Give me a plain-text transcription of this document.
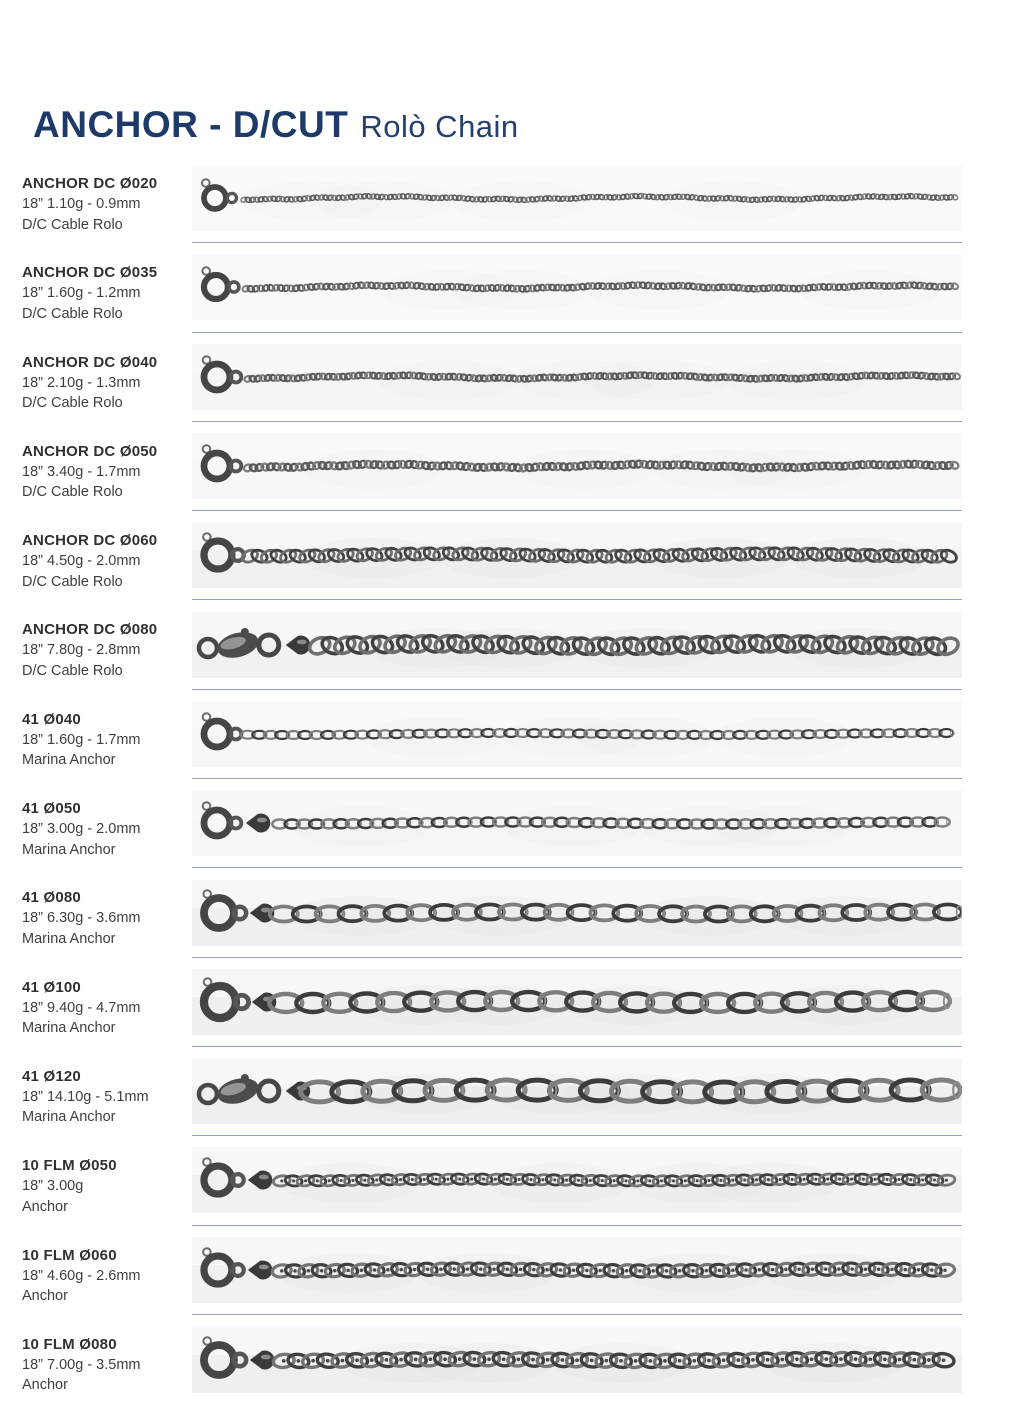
ANCHOR - D/CUT Rolò Chain
ANCHOR DC Ø020
18” 1.10g - 0.9mm
D/C Cable Rolo
ANCHOR DC Ø035
18” 1.60g - 1.2mm
D/C Cable Rolo
ANCHOR DC Ø040
18” 2.10g - 1.3mm
D/C Cable Rolo
ANCHOR DC Ø050
18” 3.40g - 1.7mm
D/C Cable Rolo
ANCHOR DC Ø060
18” 4.50g - 2.0mm
D/C Cable Rolo
ANCHOR DC Ø080
18” 7.80g - 2.8mm
D/C Cable Rolo
41 Ø040
18” 1.60g - 1.7mm
Marina Anchor
41 Ø050
18” 3.00g - 2.0mm
Marina Anchor
41 Ø080
18” 6.30g - 3.6mm
Marina Anchor
41 Ø100
18” 9.40g - 4.7mm
Marina Anchor
41 Ø120
18” 14.10g - 5.1mm
Marina Anchor
10 FLM Ø050
18” 3.00g
Anchor
10 FLM Ø060
18” 4.60g - 2.6mm
Anchor
10 FLM Ø080
18” 7.00g - 3.5mm
Anchor
